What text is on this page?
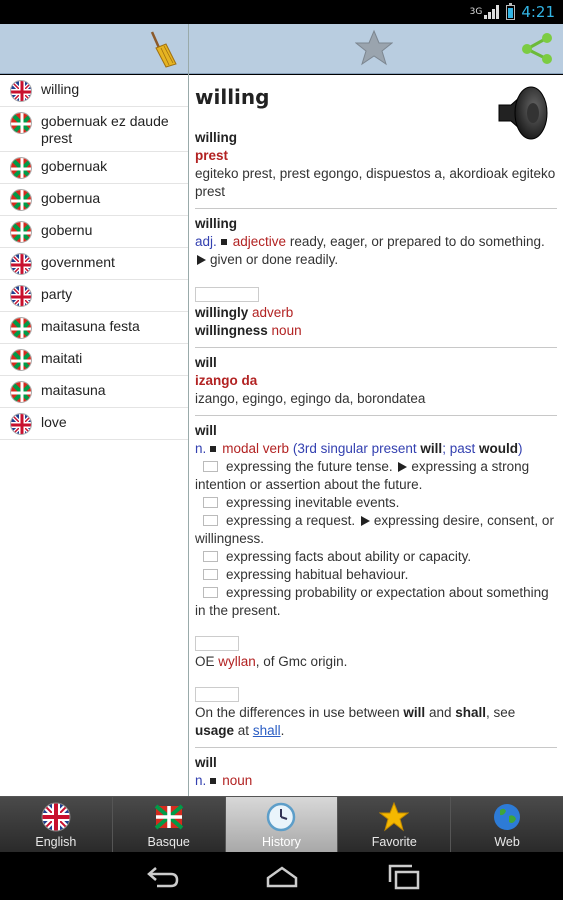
3G	4:21
willing
gobernuak ez daude prest
gobernuak
gobernua
gobernu
government
party
maitasuna festa
maitati
maitasuna
love
willing
willing
prest
egiteko prest, prest egongo, dispuestos a, akordioak egiteko prest
willing
adj. adjective ready, eager, or prepared to do something. given or done readily.
willingly adverb
willingness noun
will
izango da
izango, egingo, egingo da, borondatea
will
n. modal verb (3rd singular present will; past would)
expressing the future tense. expressing a strong intention or assertion about the future.
expressing inevitable events.
expressing a request. expressing desire, consent, or willingness.
expressing facts about ability or capacity.
expressing habitual behaviour.
expressing probability or expectation about something in the present.
OE wyllan, of Gmc origin.
On the differences in use between will and shall, see usage at shall.
will
n. noun
English	Basque	History	Favorite	Web
